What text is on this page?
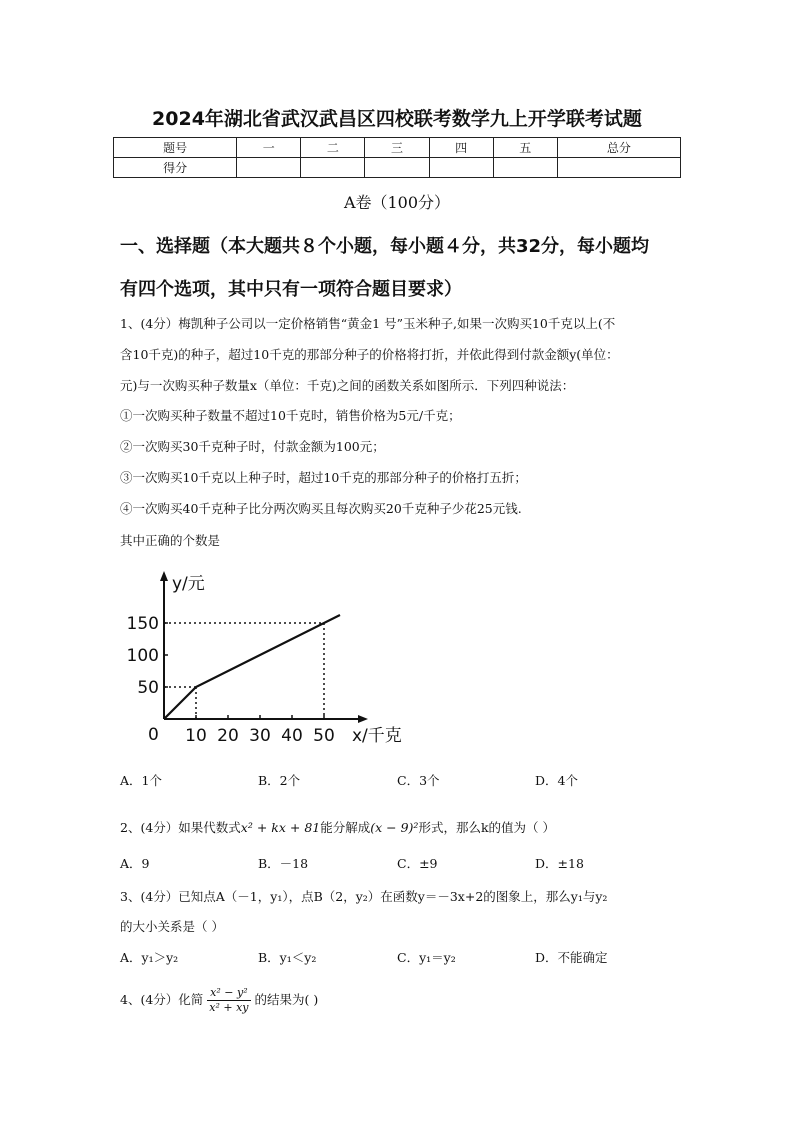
2024年湖北省武汉武昌区四校联考数学九上开学联考试题
题号	一	二	三	四	五	总分
得分						
A卷（100分）
一、选择题（本大题共８个小题，每小题４分，共32分，每小题均
有四个选项，其中只有一项符合题目要求）
1、(4分）梅凯种子公司以一定价格销售“黄金1 号”玉米种子,如果一次购买10千克以上(不
含10千克)的种子，超过10千克的那部分种子的价格将打折，并依此得到付款金额y(单位：
元)与一次购买种子数量x（单位：千克)之间的函数关系如图所示．下列四种说法：
①一次购买种子数量不超过10千克时，销售价格为5元/千克；
②一次购买30千克种子时，付款金额为100元；
③一次购买10千克以上种子时，超过10千克的那部分种子的价格打五折；
④一次购买40千克种子比分两次购买且每次购买20千克种子少花25元钱.
其中正确的个数是
y/元
x/千克
0 10 20 30 40 50
50
100
150
A．1个	B．2个	C．3个	D．4个
2、(4分）如果代数式x² + kx + 81能分解成(x − 9)²形式，那么k的值为（ ）
A．9	B．－18	C．±9	D．±18
3、(4分）已知点A（－1，y₁），点B（2，y₂）在函数y＝－3x+2的图象上，那么y₁与y₂
的大小关系是（ ）
A．y₁＞y₂	B．y₁＜y₂	C．y₁＝y₂	D．不能确定
4、(4分）化简 $\frac{\text{x² − y²}}{\text{x² + xy}}$ 的结果为( )
